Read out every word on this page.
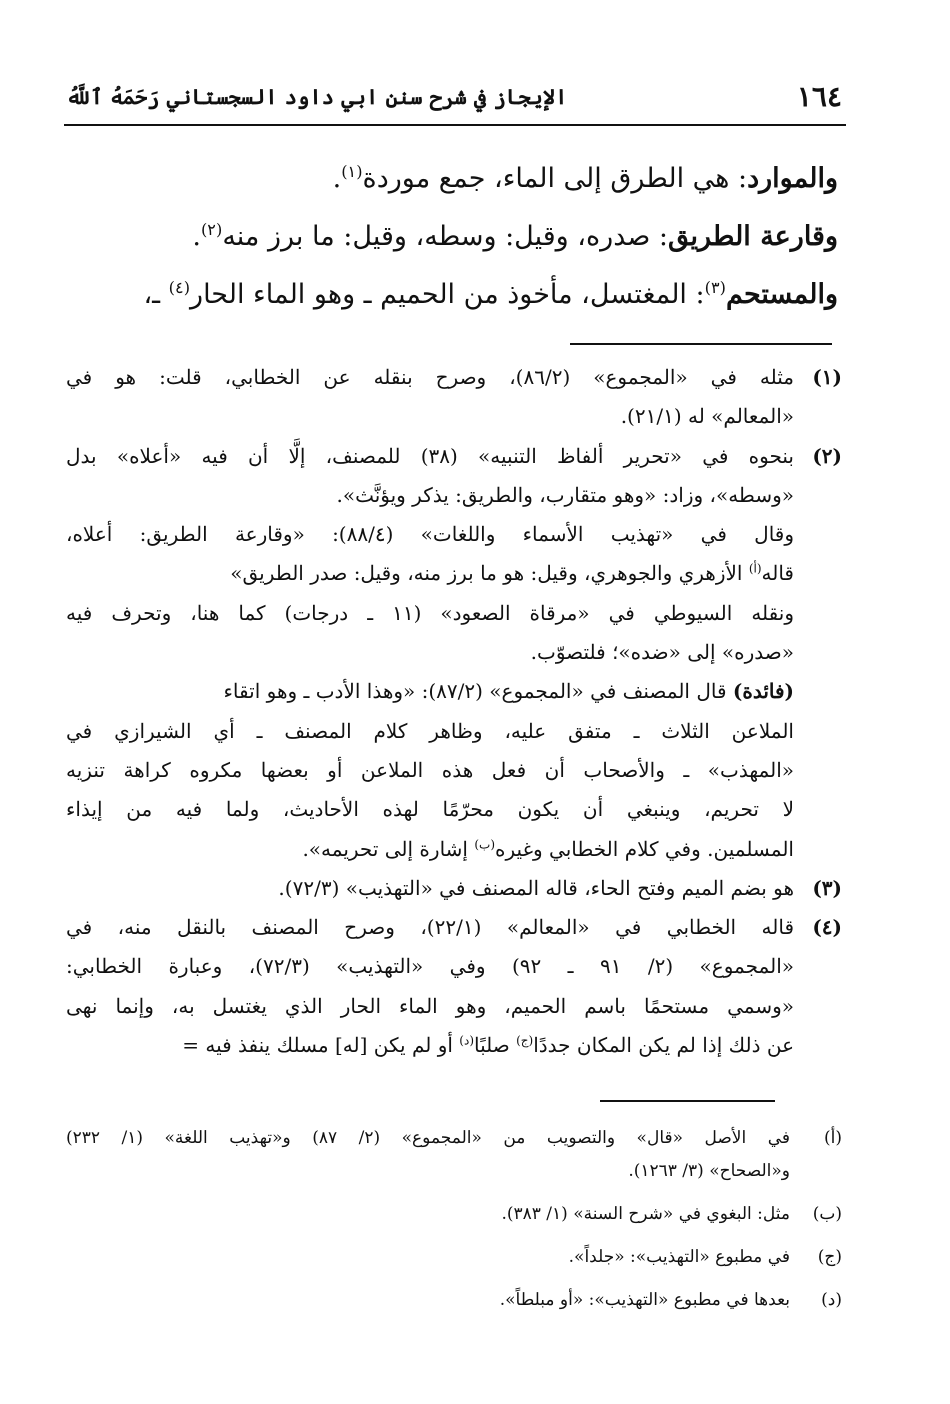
١٦٤
الإيجاز في شرح سنن ابي داود السجستاني رَحَمَهُ ٱللَّهُ
والموارد: هي الطرق إلى الماء، جمع موردة$^{(١)}$.
وقارعة الطريق: صدره، وقيل: وسطه، وقيل: ما برز منه$^{(٢)}$.
والمستحم$^{(٣)}$: المغتسل، مأخوذ من الحميم ـ وهو الماء الحار$^{(٤)}$ ـ،
(١)
مثله في «المجموع» (٨٦/٢)، وصرح بنقله عن الخطابي، قلت: هو في
«المعالم» له (٢١/١).
(٢)
بنحوه في «تحرير ألفاظ التنبيه» (٣٨) للمصنف، إلَّا أن فيه «أعلاه» بدل
«وسطه»، وزاد: «وهو متقارب، والطريق: يذكر ويؤنَّث».
وقال في «تهذيب الأسماء واللغات» (٨٨/٤): «وقارعة الطريق: أعلاه،
قاله$^{(أ)}$ الأزهري والجوهري، وقيل: هو ما برز منه، وقيل: صدر الطريق»
ونقله السيوطي في «مرقاة الصعود» (١١ ـ درجات) كما هنا، وتحرف فيه
«صدره» إلى «ضده»؛ فلتصوّب.
(فائدة) قال المصنف في «المجموع» (٨٧/٢): «وهذا الأدب ـ وهو اتقاء
الملاعن الثلاث ـ متفق عليه، وظاهر كلام المصنف ـ أي الشيرازي في
«المهذب» ـ والأصحاب أن فعل هذه الملاعن أو بعضها مكروه كراهة تنزيه
لا تحريم، وينبغي أن يكون محرّمًا لهذه الأحاديث، ولما فيه من إيذاء
المسلمين. وفي كلام الخطابي وغيره$^{(ب)}$ إشارة إلى تحريمه».
(٣)
هو بضم الميم وفتح الحاء، قاله المصنف في «التهذيب» (٧٢/٣).
(٤)
قاله الخطابي في «المعالم» (٢٢/١)، وصرح المصنف بالنقل منه، في
«المجموع» (٢/ ٩١ ـ ٩٢) وفي «التهذيب» (٧٢/٣)، وعبارة الخطابي:
«وسمي مستحمًا باسم الحميم، وهو الماء الحار الذي يغتسل به، وإنما نهى
عن ذلك إذا لم يكن المكان جددًا$^{(ج)}$ صلبًا$^{(د)}$ أو لم يكن [له] مسلك ينفذ فيه =
(أ)
في الأصل «قال» والتصويب من «المجموع» (٢/ ٨٧) و«تهذيب اللغة» (١/ ٢٣٢)
و«الصحاح» (٣/ ١٢٦٣).
(ب)
مثل: البغوي في «شرح السنة» (١/ ٣٨٣).
(ج)
في مطبوع «التهذيب»: «جلداً».
(د)
بعدها في مطبوع «التهذيب»: «أو مبلطاً».
